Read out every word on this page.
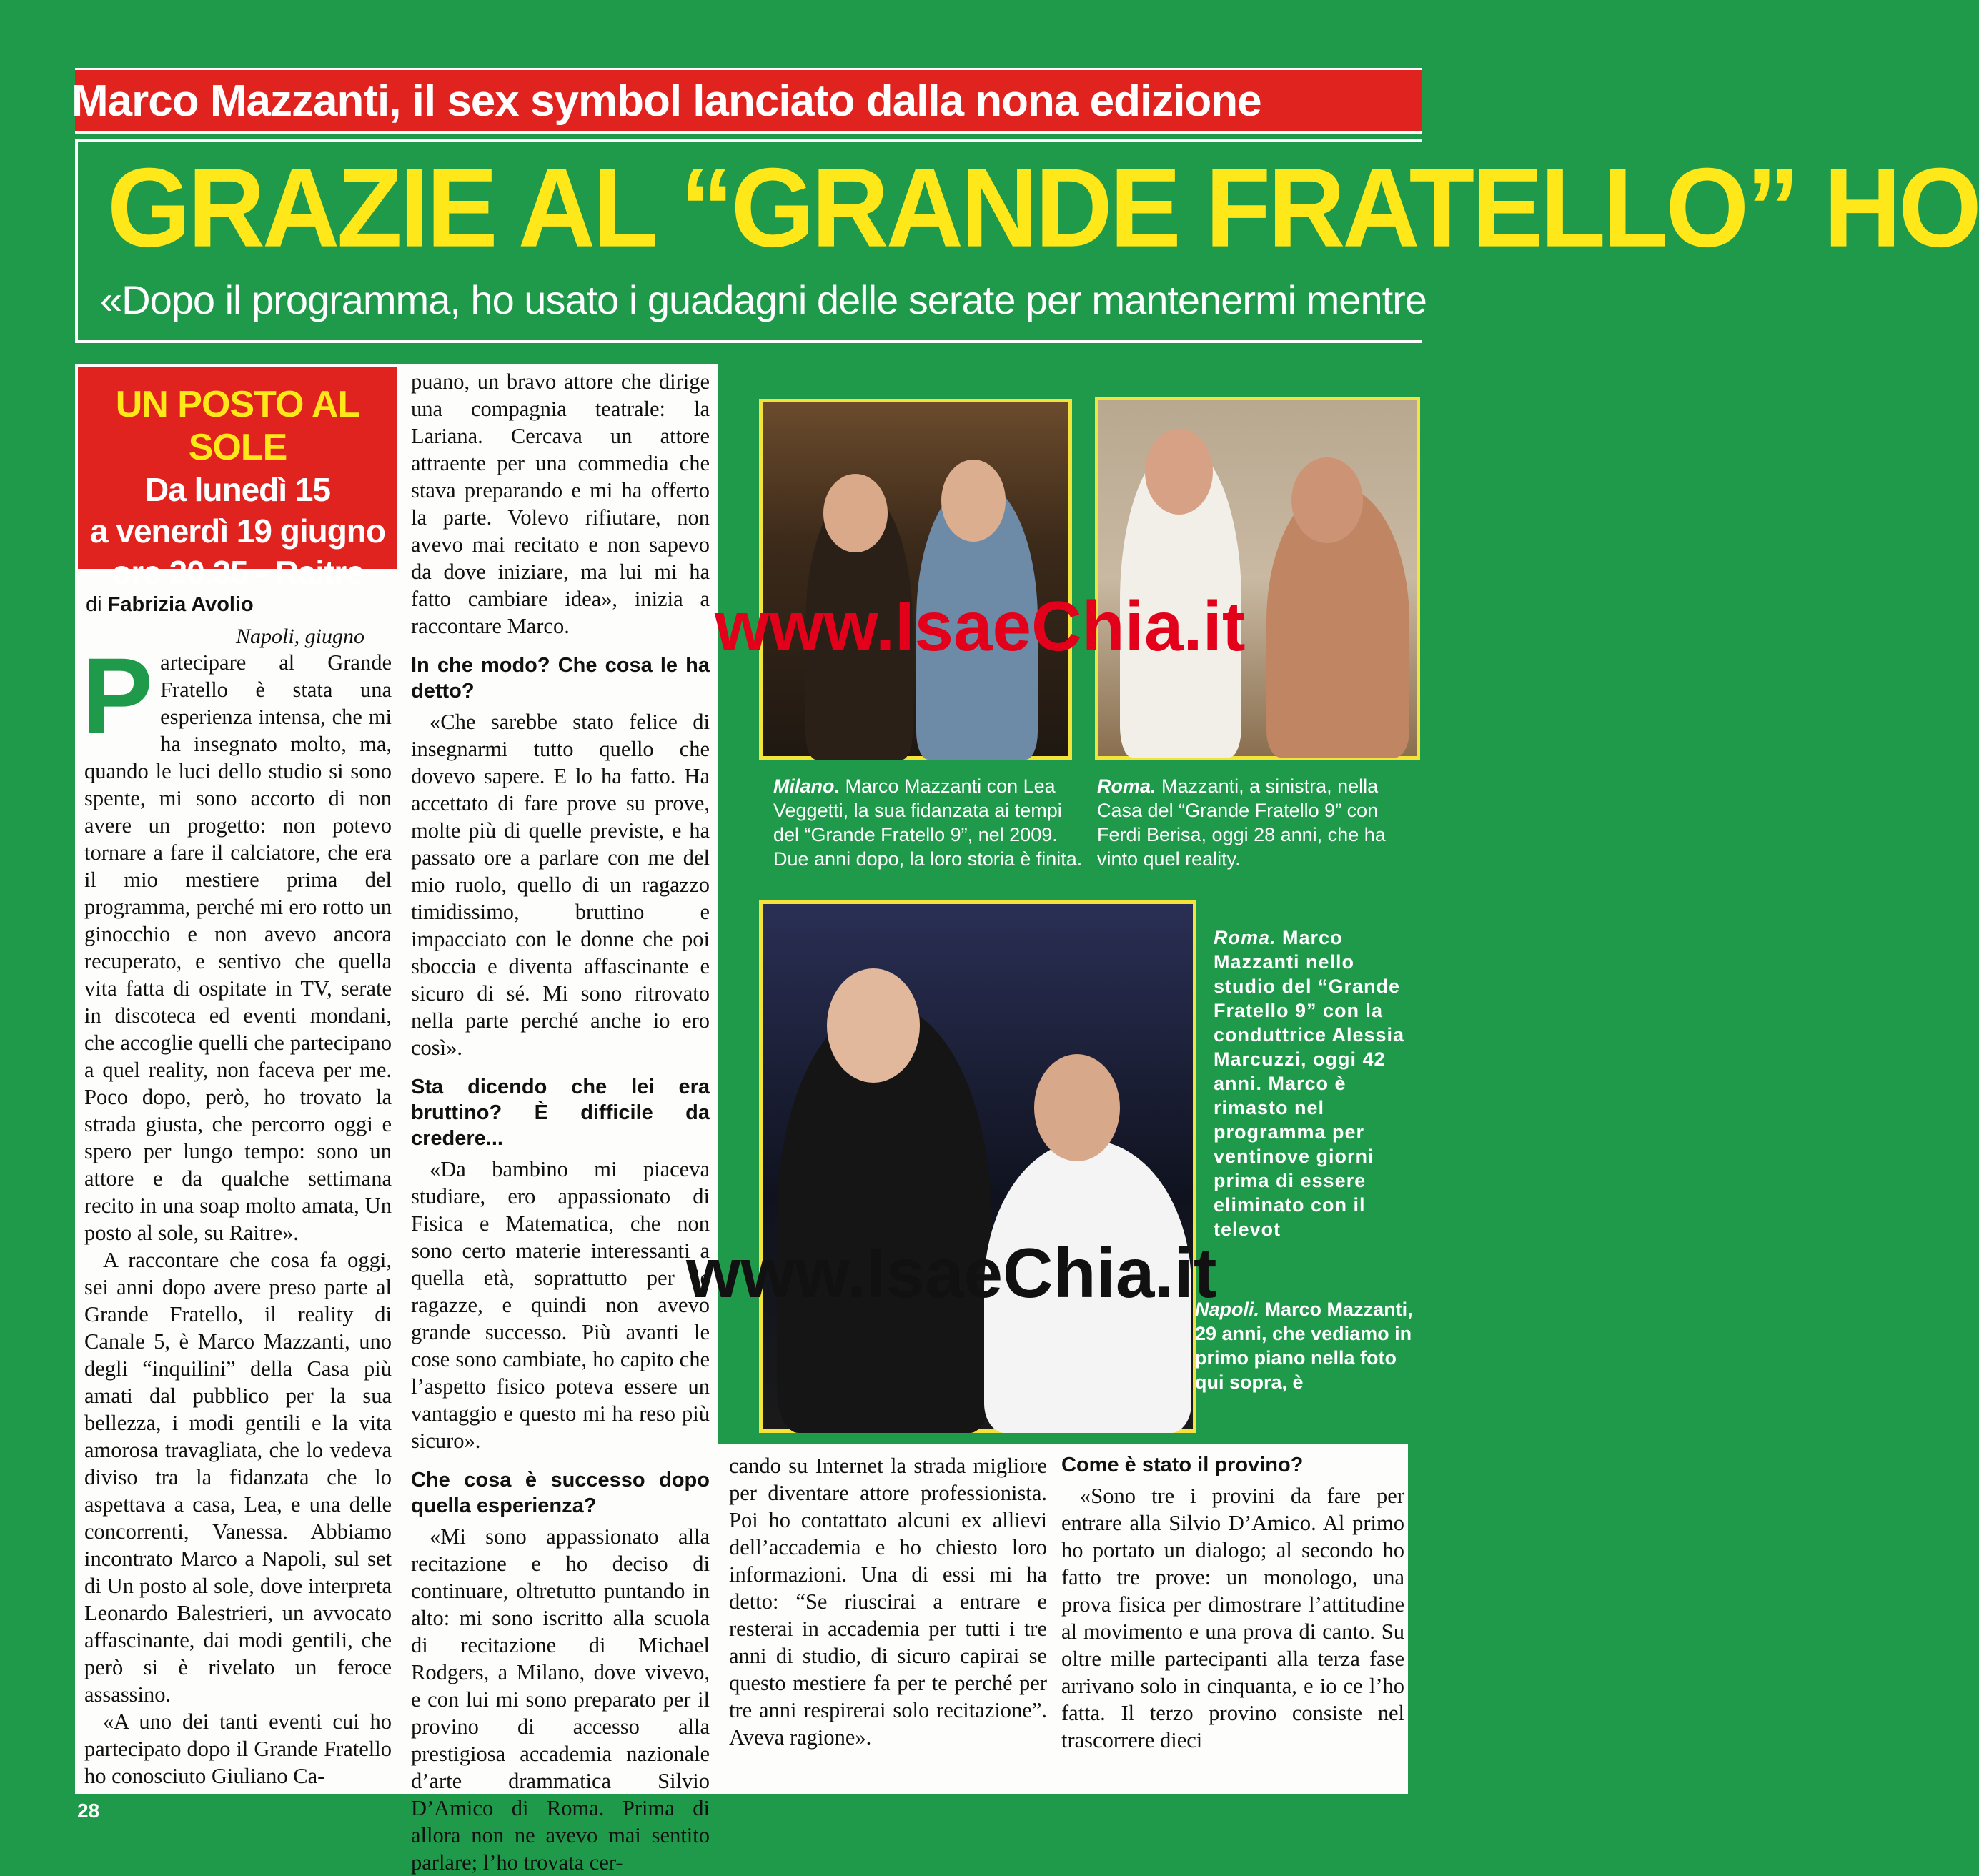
Marco Mazzanti, il sex symbol lanciato dalla nona edizione
GRAZIE AL “GRANDE FRATELLO” HO
«Dopo il programma, ho usato i guadagni delle serate per mantenermi mentre
UN POSTO AL SOLE
Da lunedì 15
a venerdì 19 giugno
ore 20.35 - Raitre
di Fabrizia Avolio
Napoli, giugno
P artecipare al Grande Fratello è stata una esperienza intensa, che mi ha insegnato molto, ma, quando le luci dello studio si sono spente, mi sono accorto di non avere un progetto: non potevo tornare a fare il calciatore, che era il mio mestiere prima del programma, perché mi ero rotto un ginocchio e non avevo ancora recuperato, e sentivo che quella vita fatta di ospitate in TV, serate in discoteca ed eventi mondani, che accoglie quelli che partecipano a quel reality, non faceva per me. Poco dopo, però, ho trovato la strada giusta, che percorro oggi e spero per lungo tempo: sono un attore e da qualche settimana recito in una soap molto amata, Un posto al sole, su Raitre».

A raccontare che cosa fa oggi, sei anni dopo avere preso parte al Grande Fratello, il reality di Canale 5, è Marco Mazzanti, uno degli “inquilini” della Casa più amati dal pubblico per la sua bellezza, i modi gentili e la vita amorosa travagliata, che lo vedeva diviso tra la fidanzata che lo aspettava a casa, Lea, e una delle concorrenti, Vanessa. Abbiamo incontrato Marco a Napoli, sul set di Un posto al sole, dove interpreta Leonardo Balestrieri, un avvocato affascinante, dai modi gentili, che però si è rivelato un feroce assassino.

«A uno dei tanti eventi cui ho partecipato dopo il Grande Fratello ho conosciuto Giuliano Ca-

puano, un bravo attore che dirige una compagnia teatrale: la Lariana. Cercava un attore attraente per una commedia che stava preparando e mi ha offerto la parte. Volevo rifiutare, non avevo mai recitato e non sapevo da dove iniziare, ma lui mi ha fatto cambiare idea», inizia a raccontare Marco.

In che modo? Che cosa le ha detto?

«Che sarebbe stato felice di insegnarmi tutto quello che dovevo sapere. E lo ha fatto. Ha accettato di fare prove su prove, molte più di quelle previste, e ha passato ore a parlare con me del mio ruolo, quello di un ragazzo timidissimo, bruttino e impacciato con le donne che poi sboccia e diventa affascinante e sicuro di sé. Mi sono ritrovato nella parte perché anche io ero così».

Sta dicendo che lei era bruttino? È difficile da credere...

«Da bambino mi piaceva studiare, ero appassionato di Fisica e Matematica, che non sono certo materie interessanti a quella età, soprattutto per le ragazze, e quindi non avevo grande successo. Più avanti le cose sono cambiate, ho capito che l’aspetto fisico poteva essere un vantaggio e questo mi ha reso più sicuro».

Che cosa è successo dopo quella esperienza?

«Mi sono appassionato alla recitazione e ho deciso di continuare, oltretutto puntando in alto: mi sono iscritto alla scuola di recitazione di Michael Rodgers, a Milano, dove vivevo, e con lui mi sono preparato per il provino di accesso alla prestigiosa accademia nazionale d’arte drammatica Silvio D’Amico di Roma. Prima di allora non ne avevo mai sentito parlare; l’ho trovata cer-

cando su Internet la strada migliore per diventare attore professionista. Poi ho contattato alcuni ex allievi dell’accademia e ho chiesto loro informazioni. Una di essi mi ha detto: “Se riuscirai a entrare e resterai in accademia per tutti i tre anni di studio, di sicuro capirai se questo mestiere fa per te perché per tre anni respirerai solo recitazione”. Aveva ragione».

Come è stato il provino?

«Sono tre i provini da fare per entrare alla Silvio D’Amico. Al primo ho portato un dialogo; al secondo ho fatto tre prove: un monologo, una prova fisica per dimostrare l’attitudine al movimento e una prova di canto. Su oltre mille partecipanti alla terza fase arrivano solo in cinquanta, e io ce l’ho fatta. Il terzo provino consiste nel trascorrere dieci

Milano. Marco Mazzanti con Lea Veggetti, la sua fidanzata ai tempi del “Grande Fratello 9”, nel 2009. Due anni dopo, la loro storia è finita.
Roma. Mazzanti, a sinistra, nella Casa del “Grande Fratello 9” con Ferdi Berisa, oggi 28 anni, che ha vinto quel reality.
Roma. Marco Mazzanti nello studio del “Grande Fratello 9” con la conduttrice Alessia Marcuzzi, oggi 42 anni. Marco è rimasto nel programma per ventinove giorni prima di essere eliminato con il televot
Napoli. Marco Mazzanti, 29 anni, che vediamo in primo piano nella foto qui sopra, è
www.IsaeChia.it
www.IsaeChia.it
28
